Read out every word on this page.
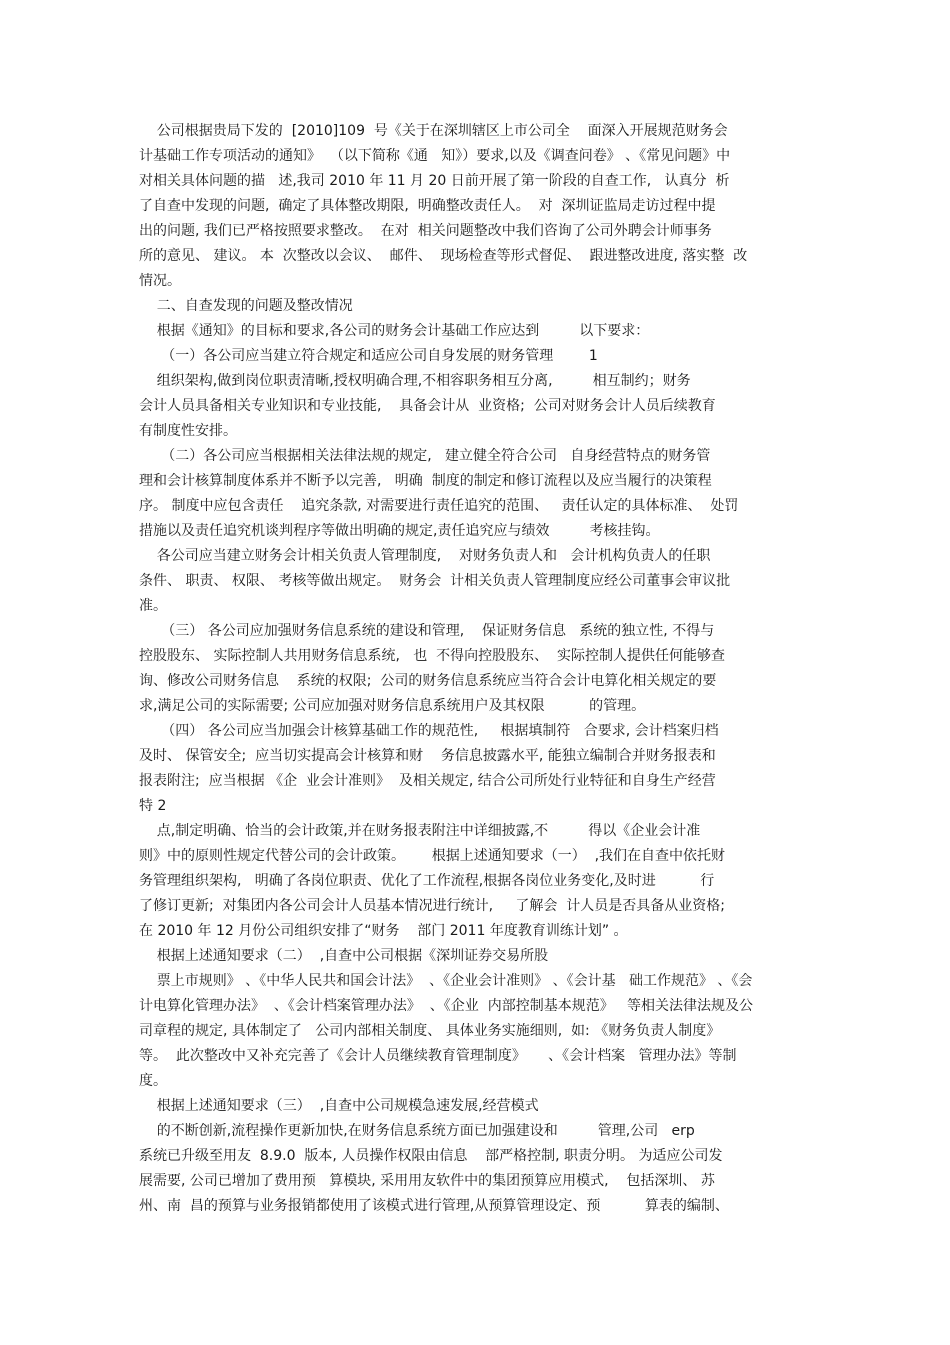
公司根据贵局下发的  [2010]109  号《关于在深圳辖区上市公司全    面深入开展规范财务会
计基础工作专项活动的通知》  （以下简称《通   知》）要求,以及《调查问卷》 、《常见问题》中
对相关具体问题的描   述,我司 2010 年 11 月 20 日前开展了第一阶段的自查工作,   认真分  析
了自查中发现的问题,  确定了具体整改期限,  明确整改责任人。  对  深圳证监局走访过程中提
出的问题, 我们已严格按照要求整改。  在对  相关问题整改中我们咨询了公司外聘会计师事务
所的意见、 建议。 本  次整改以会议、  邮件、  现场检查等形式督促、  跟进整改进度, 落实整  改
情况。
二、自查发现的问题及整改情况
根据《通知》的目标和要求,各公司的财务会计基础工作应达到         以下要求：
（一）各公司应当建立符合规定和适应公司自身发展的财务管理        1
组织架构,做到岗位职责清晰,授权明确合理,不相容职务相互分离,         相互制约；财务
会计人员具备相关专业知识和专业技能,    具备会计从  业资格;  公司对财务会计人员后续教育
有制度性安排。
（二）各公司应当根据相关法律法规的规定,   建立健全符合公司   自身经营特点的财务管
理和会计核算制度体系并不断予以完善,   明确  制度的制定和修订流程以及应当履行的决策程
序。 制度中应包含责任    追究条款, 对需要进行责任追究的范围、   责任认定的具体标准、  处罚
措施以及责任追究机谈判程序等做出明确的规定,责任追究应与绩效         考核挂钩。
各公司应当建立财务会计相关负责人管理制度,    对财务负责人和   会计机构负责人的任职
条件、 职责、 权限、 考核等做出规定。  财务会  计相关负责人管理制度应经公司董事会审议批
准。
（三） 各公司应加强财务信息系统的建设和管理,    保证财务信息   系统的独立性, 不得与
控股股东、 实际控制人共用财务信息系统,   也  不得向控股股东、  实际控制人提供任何能够查
询、修改公司财务信息    系统的权限;  公司的财务信息系统应当符合会计电算化相关规定的要
求,满足公司的实际需要; 公司应加强对财务信息系统用户及其权限          的管理。
（四） 各公司应当加强会计核算基础工作的规范性,     根据填制符   合要求, 会计档案归档
及时、 保管安全;  应当切实提高会计核算和财    务信息披露水平, 能独立编制合并财务报表和
报表附注;  应当根据 《企  业会计准则》  及相关规定, 结合公司所处行业特征和自身生产经营
特 2
点,制定明确、恰当的会计政策,并在财务报表附注中详细披露,不         得以《企业会计准
则》中的原则性规定代替公司的会计政策。      根据上述通知要求（一）  ,我们在自查中依托财
务管理组织架构,   明确了各岗位职责、优化了工作流程,根据各岗位业务变化,及时进          行
了修订更新;  对集团内各公司会计人员基本情况进行统计,     了解会  计人员是否具备从业资格;
在 2010 年 12 月份公司组织安排了“财务    部门 2011 年度教育训练计划” 。
根据上述通知要求（二）  ,自查中公司根据《深圳证券交易所股
票上市规则》 、《中华人民共和国会计法》  、《企业会计准则》 、《会计基   础工作规范》 、《会
计电算化管理办法》  、《会计档案管理办法》  、《企业  内部控制基本规范》   等相关法律法规及公
司章程的规定, 具体制定了   公司内部相关制度、 具体业务实施细则,  如: 《财务负责人制度》
等。  此次整改中又补充完善了《会计人员继续教育管理制度》     、《会计档案   管理办法》等制
度。
根据上述通知要求（三）  ,自查中公司规模急速发展,经营模式
的不断创新,流程操作更新加快,在财务信息系统方面已加强建设和         管理,公司   erp
系统已升级至用友  8.9.0  版本, 人员操作权限由信息    部严格控制, 职责分明。 为适应公司发
展需要, 公司已增加了费用预   算模块, 采用用友软件中的集团预算应用模式,    包括深圳、 苏
州、南  昌的预算与业务报销都使用了该模式进行管理,从预算管理设定、预          算表的编制、
